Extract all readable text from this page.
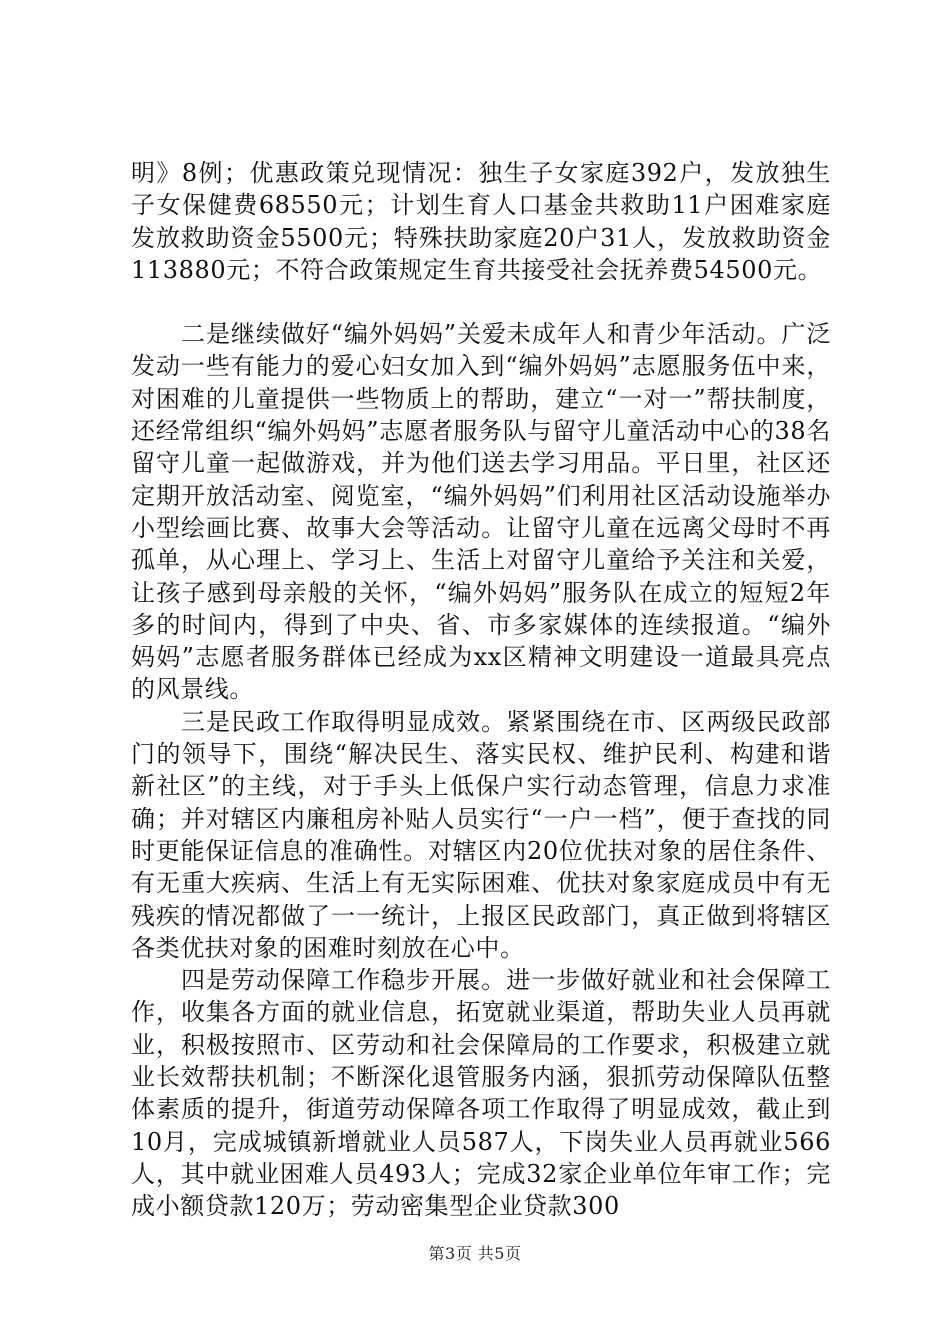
明》8例；优惠政策兑现情况：独生子女家庭392户，发放独生子女保健费68550元；计划生育人口基金共救助11户困难家庭发放救助资金5500元；特殊扶助家庭20户31人，发放救助资金113880元；不符合政策规定生育共接受社会抚养费54500元。

二是继续做好“编外妈妈”关爱未成年人和青少年活动。广泛发动一些有能力的爱心妇女加入到“编外妈妈”志愿服务伍中来，对困难的儿童提供一些物质上的帮助，建立“一对一”帮扶制度，还经常组织“编外妈妈”志愿者服务队与留守儿童活动中心的38名留守儿童一起做游戏，并为他们送去学习用品。平日里，社区还定期开放活动室、阅览室，“编外妈妈”们利用社区活动设施举办小型绘画比赛、故事大会等活动。让留守儿童在远离父母时不再孤单，从心理上、学习上、生活上对留守儿童给予关注和关爱，让孩子感到母亲般的关怀，“编外妈妈”服务队在成立的短短2年多的时间内，得到了中央、省、市多家媒体的连续报道。“编外妈妈”志愿者服务群体已经成为xx区精神文明建设一道最具亮点的风景线。

三是民政工作取得明显成效。紧紧围绕在市、区两级民政部门的领导下，围绕“解决民生、落实民权、维护民利、构建和谐新社区”的主线，对于手头上低保户实行动态管理，信息力求准确；并对辖区内廉租房补贴人员实行“一户一档”，便于查找的同时更能保证信息的准确性。对辖区内20位优扶对象的居住条件、有无重大疾病、生活上有无实际困难、优扶对象家庭成员中有无残疾的情况都做了一一统计，上报区民政部门，真正做到将辖区各类优扶对象的困难时刻放在心中。

四是劳动保障工作稳步开展。进一步做好就业和社会保障工作，收集各方面的就业信息，拓宽就业渠道，帮助失业人员再就业，积极按照市、区劳动和社会保障局的工作要求，积极建立就业长效帮扶机制；不断深化退管服务内涵，狠抓劳动保障队伍整体素质的提升，街道劳动保障各项工作取得了明显成效，截止到10月，完成城镇新增就业人员587人，下岗失业人员再就业566人，其中就业困难人员493人；完成32家企业单位年审工作；完成小额贷款120万；劳动密集型企业贷款300

第3页 共5页
